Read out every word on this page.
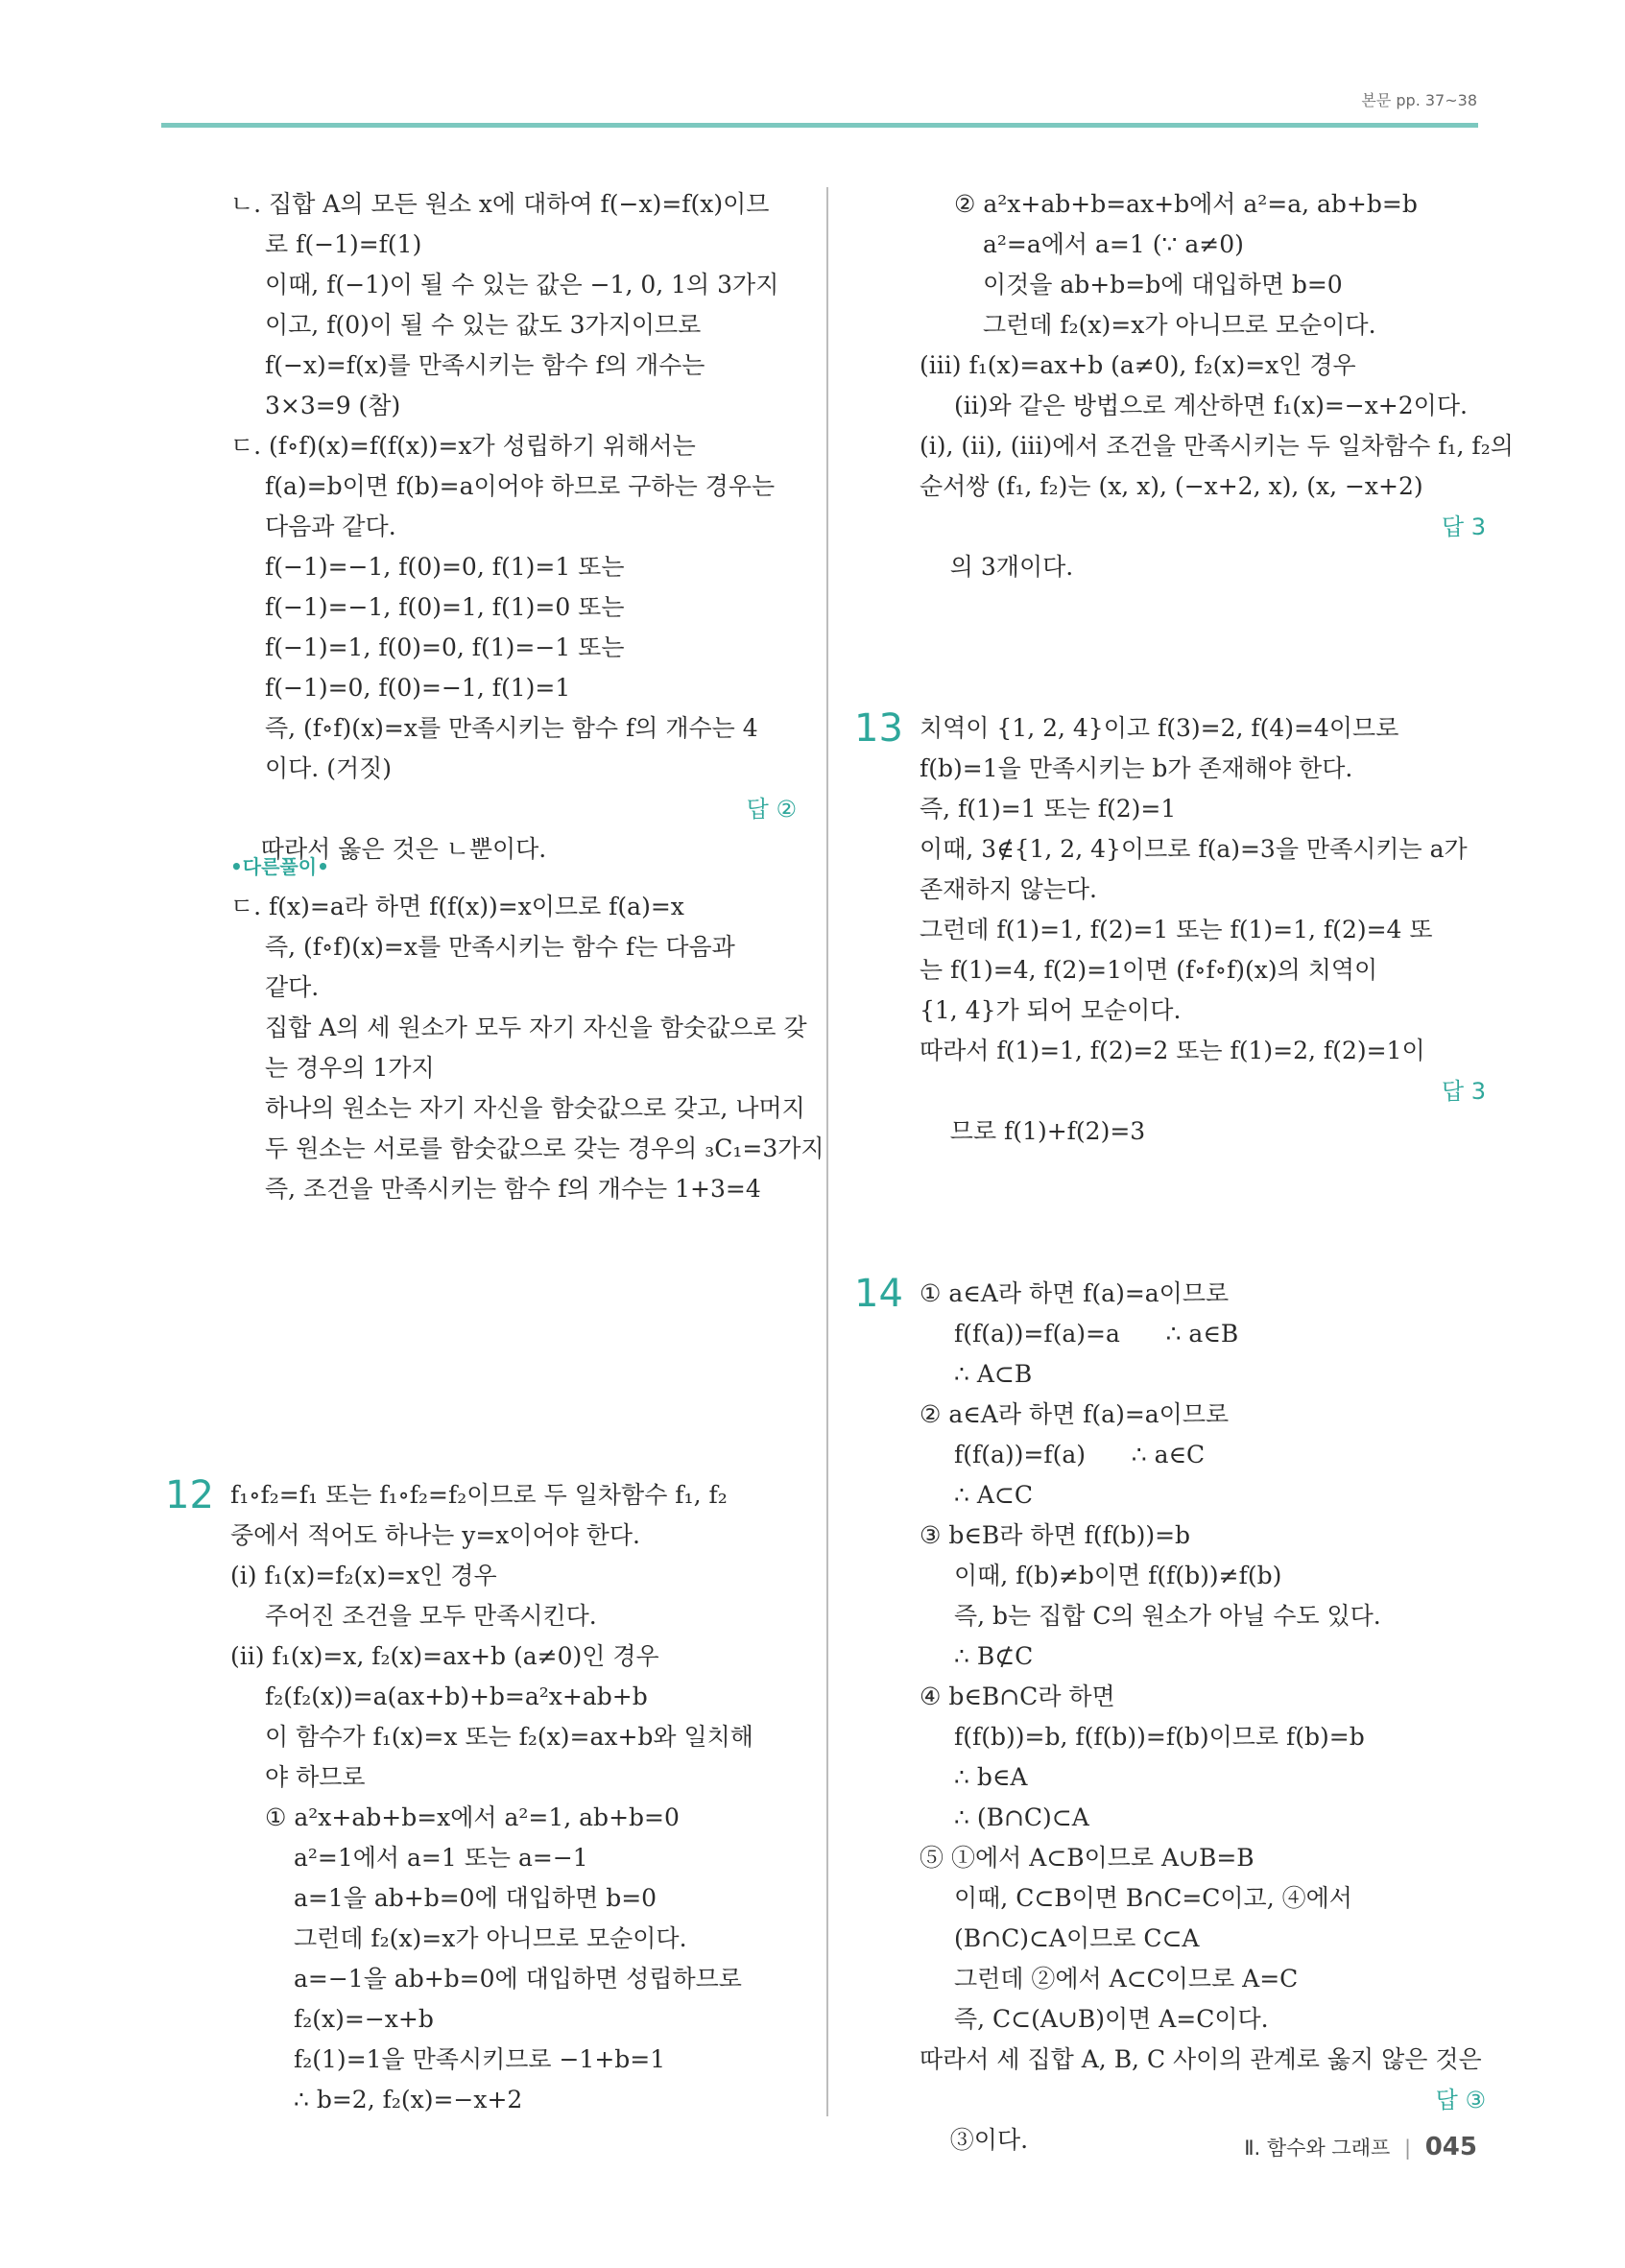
본문 pp. 37~38
ㄴ. 집합 A의 모든 원소 x에 대하여 f(−x)=f(x)이므
로 f(−1)=f(1)
이때, f(−1)이 될 수 있는 값은 −1, 0, 1의 3가지
이고, f(0)이 될 수 있는 값도 3가지이므로
f(−x)=f(x)를 만족시키는 함수 f의 개수는
3×3=9 (참)
ㄷ. (f∘f)(x)=f(f(x))=x가 성립하기 위해서는
f(a)=b이면 f(b)=a이어야 하므로 구하는 경우는
다음과 같다.
f(−1)=−1, f(0)=0, f(1)=1 또는
f(−1)=−1, f(0)=1, f(1)=0 또는
f(−1)=1, f(0)=0, f(1)=−1 또는
f(−1)=0, f(0)=−1, f(1)=1
즉, (f∘f)(x)=x를 만족시키는 함수 f의 개수는 4
이다. (거짓)

따라서 옳은 것은 ㄴ뿐이다.

답 ②

•다른풀이•
ㄷ. f(x)=a라 하면 f(f(x))=x이므로 f(a)=x
즉, (f∘f)(x)=x를 만족시키는 함수 f는 다음과
같다.
집합 A의 세 원소가 모두 자기 자신을 함숫값으로 갖
는 경우의 1가지
하나의 원소는 자기 자신을 함숫값으로 갖고, 나머지
두 원소는 서로를 함숫값으로 갖는 경우의 ₃C₁=3가지
즉, 조건을 만족시키는 함수 f의 개수는 1+3=4
12 f₁∘f₂=f₁ 또는 f₁∘f₂=f₂이므로 두 일차함수 f₁, f₂
중에서 적어도 하나는 y=x이어야 한다.
(ⅰ) f₁(x)=f₂(x)=x인 경우
주어진 조건을 모두 만족시킨다.
(ⅱ) f₁(x)=x, f₂(x)=ax+b (a≠0)인 경우
f₂(f₂(x))=a(ax+b)+b=a²x+ab+b
이 함수가 f₁(x)=x 또는 f₂(x)=ax+b와 일치해
야 하므로
① a²x+ab+b=x에서 a²=1, ab+b=0
a²=1에서 a=1 또는 a=−1
a=1을 ab+b=0에 대입하면 b=0
그런데 f₂(x)=x가 아니므로 모순이다.
a=−1을 ab+b=0에 대입하면 성립하므로
f₂(x)=−x+b
f₂(1)=1을 만족시키므로 −1+b=1
∴ b=2, f₂(x)=−x+2
② a²x+ab+b=ax+b에서 a²=a, ab+b=b
a²=a에서 a=1 (∵ a≠0)
이것을 ab+b=b에 대입하면 b=0
그런데 f₂(x)=x가 아니므로 모순이다.
(ⅲ) f₁(x)=ax+b (a≠0), f₂(x)=x인 경우
(ⅱ)와 같은 방법으로 계산하면 f₁(x)=−x+2이다.
(ⅰ), (ⅱ), (ⅲ)에서 조건을 만족시키는 두 일차함수 f₁, f₂의
순서쌍 (f₁, f₂)는 (x, x), (−x+2, x), (x, −x+2)

의 3개이다.

답 3

13 치역이 {1, 2, 4}이고 f(3)=2, f(4)=4이므로
f(b)=1을 만족시키는 b가 존재해야 한다.
즉, f(1)=1 또는 f(2)=1
이때, 3∉{1, 2, 4}이므로 f(a)=3을 만족시키는 a가
존재하지 않는다.
그런데 f(1)=1, f(2)=1 또는 f(1)=1, f(2)=4 또
는 f(1)=4, f(2)=1이면 (f∘f∘f)(x)의 치역이
{1, 4}가 되어 모순이다.
따라서 f(1)=1, f(2)=2 또는 f(1)=2, f(2)=1이

므로 f(1)+f(2)=3

답 3

14 ① a∈A라 하면 f(a)=a이므로
f(f(a))=f(a)=a      ∴ a∈B
∴ A⊂B
② a∈A라 하면 f(a)=a이므로
f(f(a))=f(a)      ∴ a∈C
∴ A⊂C
③ b∈B라 하면 f(f(b))=b
이때, f(b)≠b이면 f(f(b))≠f(b)
즉, b는 집합 C의 원소가 아닐 수도 있다.
∴ B⊄C
④ b∈B∩C라 하면
f(f(b))=b, f(f(b))=f(b)이므로 f(b)=b
∴ b∈A
∴ (B∩C)⊂A
⑤ ①에서 A⊂B이므로 A∪B=B
이때, C⊂B이면 B∩C=C이고, ④에서
(B∩C)⊂A이므로 C⊂A
그런데 ②에서 A⊂C이므로 A=C
즉, C⊂(A∪B)이면 A=C이다.
따라서 세 집합 A, B, C 사이의 관계로 옳지 않은 것은

③이다.

답 ③

Ⅱ. 함수와 그래프 | 045
